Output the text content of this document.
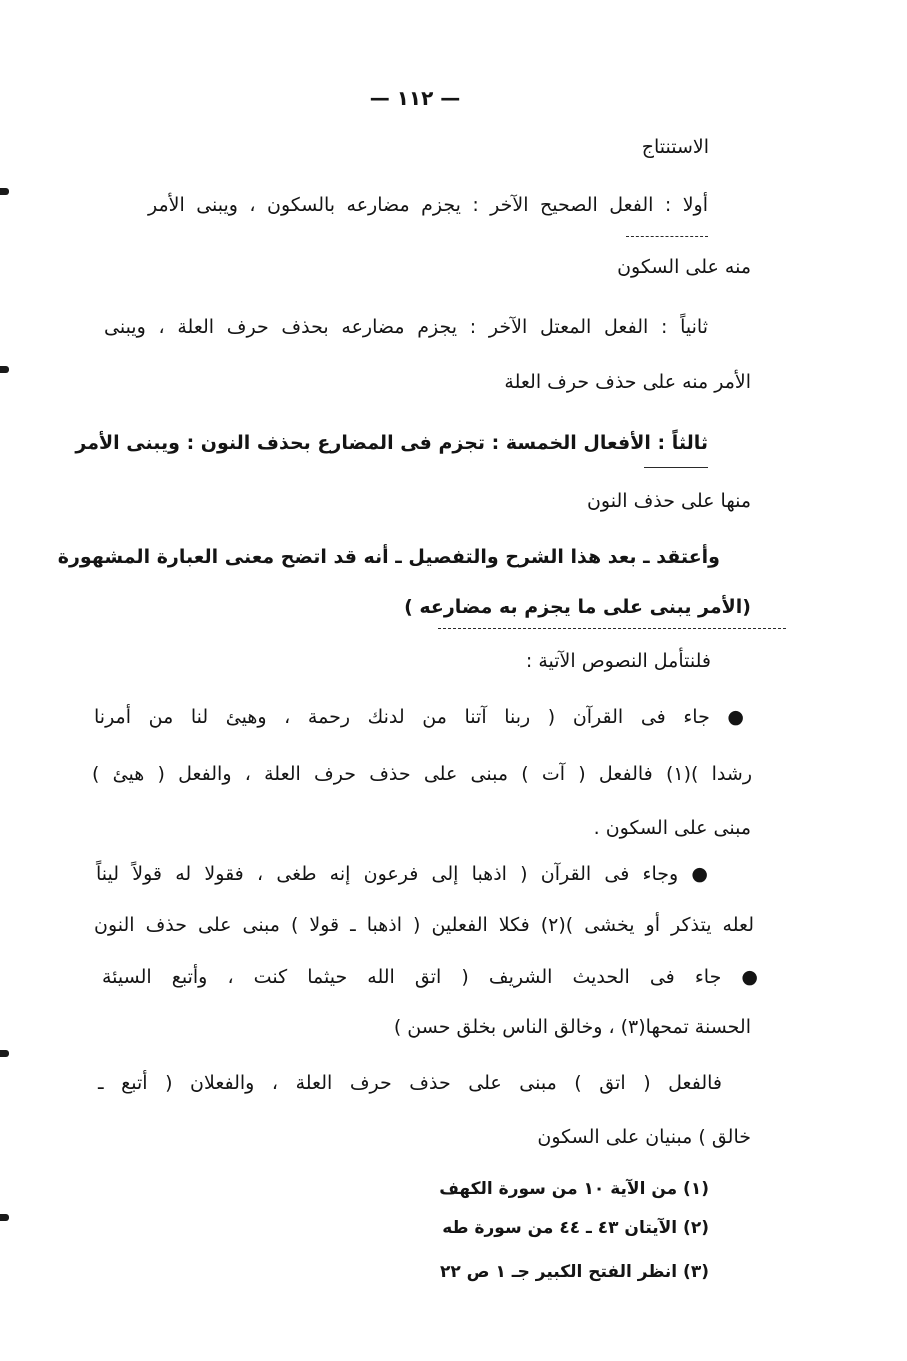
— ١١٢ —
الاستنتاج
أولا : الفعل الصحيح الآخر : يجزم مضارعه بالسكون ، ويبنى الأمر
منه على السكون
ثانياً : الفعل المعتل الآخر : يجزم مضارعه بحذف حرف العلة ، ويبنى
الأمر منه على حذف حرف العلة
ثالثاً : الأفعال الخمسة : تجزم فى المضارع بحذف النون : ويبنى الأمر
منها على حذف النون
وأعتقد ـ بعد هذا الشرح والتفصيل ـ أنه قد اتضح معنى العبارة المشهورة
(الأمر يبنى على ما يجزم به مضارعه )
فلنتأمل النصوص الآتية :
● جاء فى القرآن ( ربنا آتنا من لدنك رحمة ، وهيئ لنا من أمرنا
رشدا )(١) فالفعل ( آت ) مبنى على حذف حرف العلة ، والفعل ( هيئ )
مبنى على السكون .
● وجاء فى القرآن ( اذهبا إلى فرعون إنه طغى ، فقولا له قولاً ليناً
لعله يتذكر أو يخشى )(٢) فكلا الفعلين ( اذهبا ـ قولا ) مبنى على حذف النون
● جاء فى الحديث الشريف ( اتق الله حيثما كنت ، وأتبع السيئة
الحسنة تمحها(٣) ، وخالق الناس بخلق حسن )
فالفعل ( اتق ) مبنى على حذف حرف العلة ، والفعلان ( أتبع ـ
خالق ) مبنيان على السكون
(١) من الآية ١٠ من سورة الكهف
(٢) الآيتان ٤٣ ـ ٤٤ من سورة طه
(٣) انظر الفتح الكبير جـ ١ ص ٢٢
